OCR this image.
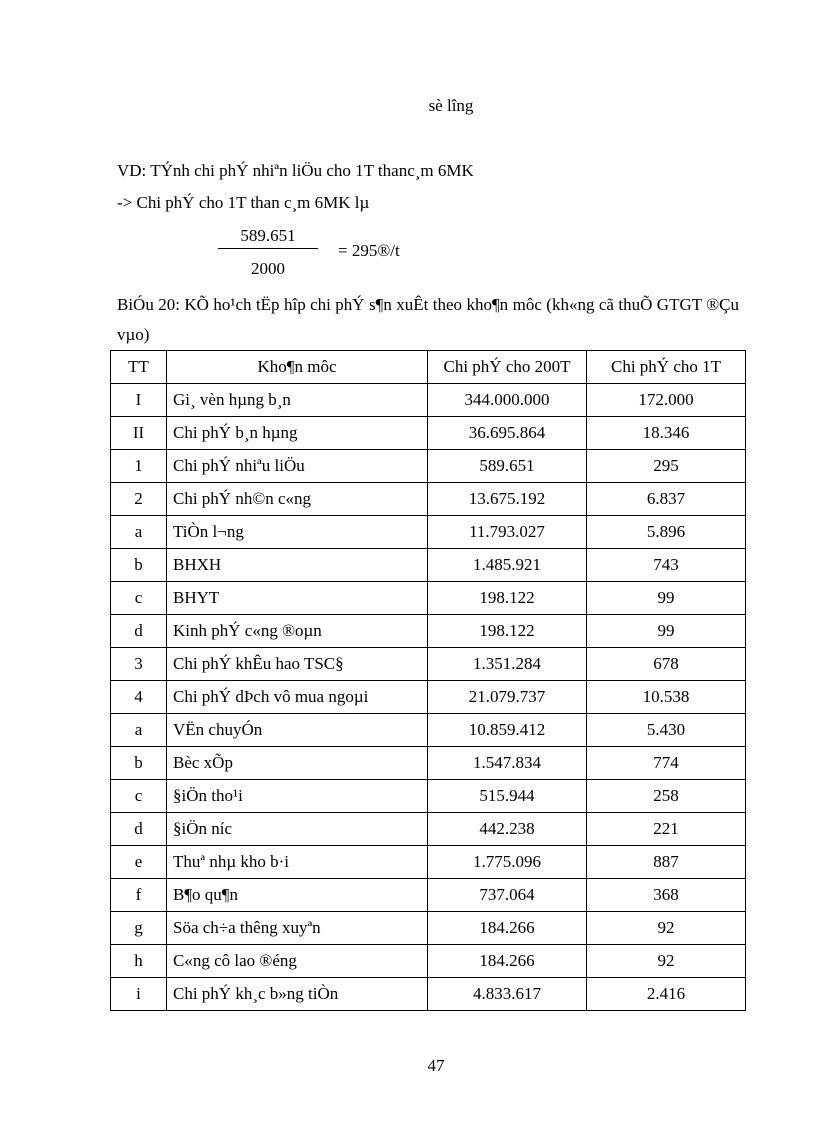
sè lîng
VD: TÝnh chi phÝ nhiªn liÖu cho 1T thanc¸m 6MK
-> Chi phÝ cho 1T than c¸m 6MK lµ
589.651
2000
= 295®/t
BiÓu 20: KÕ ho¹ch tËp hîp chi phÝ s¶n xuÊt theo kho¶n môc (kh«ng cã thuÕ GTGT ®Çu vµo)
TT	Kho¶n môc	Chi phÝ cho 200T	Chi phÝ cho 1T
I	Gi¸ vèn hµng b¸n	344.000.000	172.000
II	Chi phÝ b¸n hµng	36.695.864	18.346
1	Chi phÝ nhiªu liÖu	589.651	295
2	Chi phÝ nh©n c«ng	13.675.192	6.837
a	TiÒn l¬ng	11.793.027	5.896
b	BHXH	1.485.921	743
c	BHYT	198.122	99
d	Kinh phÝ c«ng ®oµn	198.122	99
3	Chi phÝ khÊu hao TSC§	1.351.284	678
4	Chi phÝ dÞch vô mua ngoµi	21.079.737	10.538
a	VËn chuyÓn	10.859.412	5.430
b	Bèc xÕp	1.547.834	774
c	§iÖn tho¹i	515.944	258
d	§iÖn níc	442.238	221
e	Thuª nhµ kho b·i	1.775.096	887
f	B¶o qu¶n	737.064	368
g	Söa ch÷a thêng xuyªn	184.266	92
h	C«ng cô lao ®éng	184.266	92
i	Chi phÝ kh¸c b»ng tiÒn	4.833.617	2.416
47
